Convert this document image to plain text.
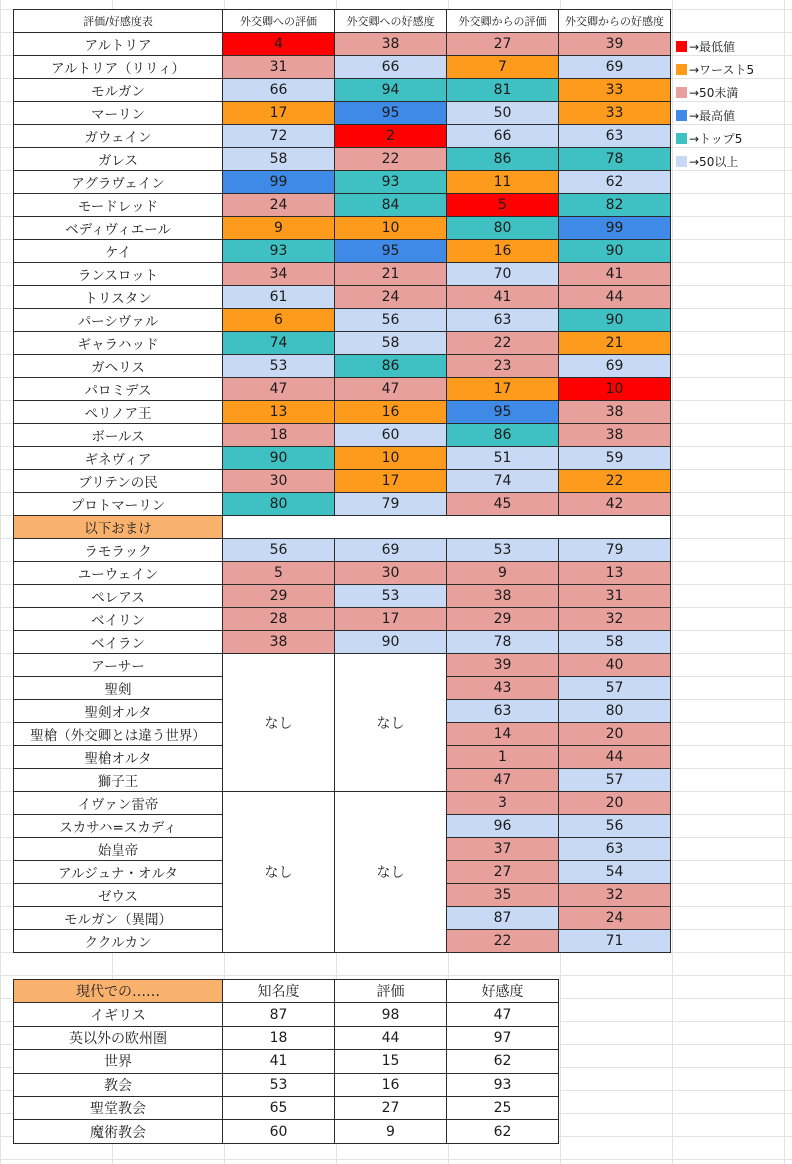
評価/好感度表	外交卿への評価	外交卿への好感度	外交卿からの評価	外交卿からの好感度
アルトリア	4	38	27	39
アルトリア（リリィ）	31	66	7	69
モルガン	66	94	81	33
マーリン	17	95	50	33
ガウェイン	72	2	66	63
ガレス	58	22	86	78
アグラヴェイン	99	93	11	62
モードレッド	24	84	5	82
ベディヴィエール	9	10	80	99
ケイ	93	95	16	90
ランスロット	34	21	70	41
トリスタン	61	24	41	44
パーシヴァル	6	56	63	90
ギャラハッド	74	58	22	21
ガヘリス	53	86	23	69
パロミデス	47	47	17	10
ペリノア王	13	16	95	38
ボールス	18	60	86	38
ギネヴィア	90	10	51	59
ブリテンの民	30	17	74	22
プロトマーリン	80	79	45	42
以下おまけ				
ラモラック	56	69	53	79
ユーウェイン	5	30	9	13
ペレアス	29	53	38	31
ベイリン	28	17	29	32
ベイラン	38	90	78	58
アーサー	なし	なし	39	40
聖剣			43	57
聖剣オルタ			63	80
聖槍（外交卿とは違う世界）			14	20
聖槍オルタ			1	44
獅子王			47	57
イヴァン雷帝	なし	なし	3	20
スカサハ=スカディ			96	56
始皇帝			37	63
アルジュナ・オルタ			27	54
ゼウス			35	32
モルガン（異聞）			87	24
ククルカン			22	71
→最低値
→ワースト5
→50未満
→最高値
→トップ5
→50以上
現代での……	知名度	評価	好感度
イギリス	87	98	47
英以外の欧州圏	18	44	97
世界	41	15	62
教会	53	16	93
聖堂教会	65	27	25
魔術教会	60	9	62
